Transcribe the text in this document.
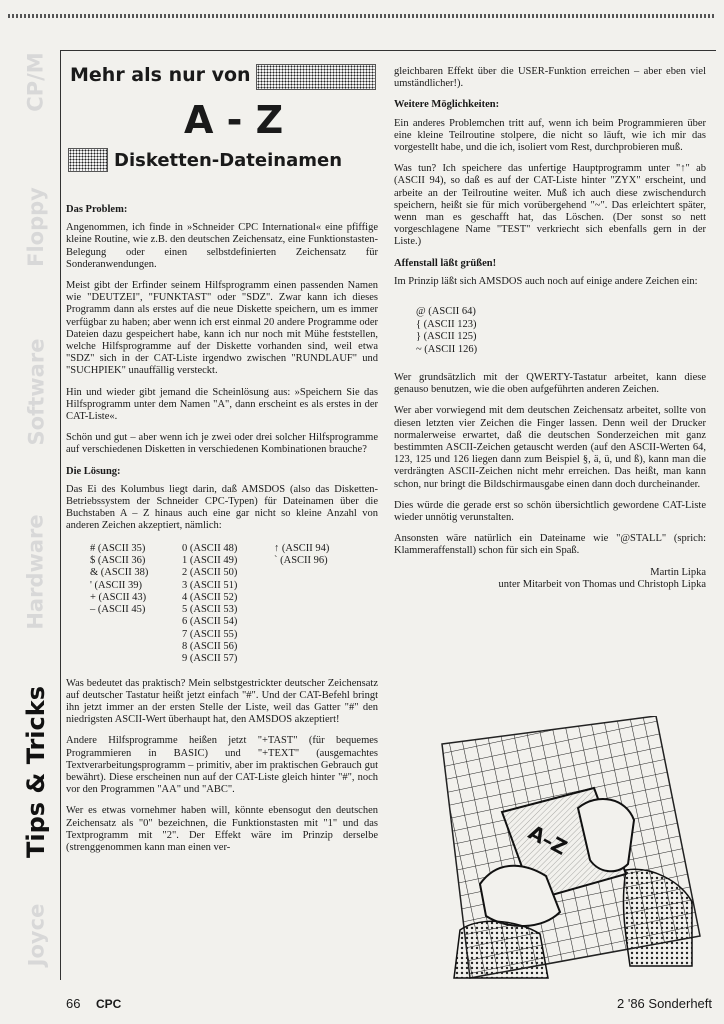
CP/M
Floppy
Software
Hardware
Tips & Tricks
Joyce
Mehr als nur von
A - Z
Disketten-Dateinamen
Das Problem:

Angenommen, ich finde in »Schneider CPC International« eine pfiffige kleine Routine, wie z.B. den deutschen Zeichensatz, eine Funktionstasten-Belegung oder einen selbstdefinierten Zeichensatz für Sonderanwendungen.

Meist gibt der Erfinder seinem Hilfsprogramm einen passenden Namen wie "DEUTZEI", "FUNKTAST" oder "SDZ". Zwar kann ich dieses Programm dann als erstes auf die neue Diskette speichern, um es immer verfügbar zu haben; aber wenn ich erst einmal 20 andere Programme oder Dateien dazu gespeichert habe, kann ich nur noch mit Mühe feststellen, welche Hilfsprogramme auf der Diskette vorhanden sind, weil etwa "SDZ" sich in der CAT-Liste irgendwo zwischen "RUNDLAUF" und "SUCHPIEK" unauffällig versteckt.

Hin und wieder gibt jemand die Scheinlösung aus: »Speichern Sie das Hilfsprogramm unter dem Namen "A", dann erscheint es als erstes in der CAT-Liste«.

Schön und gut – aber wenn ich je zwei oder drei solcher Hilfsprogramme auf verschiedenen Disketten in verschiedenen Kombinationen brauche?

Die Lösung:

Das Ei des Kolumbus liegt darin, daß AMSDOS (also das Disketten-Betriebssystem der Schneider CPC-Typen) für Dateinamen über die Buchstaben A – Z hinaus auch eine gar nicht so kleine Anzahl von anderen Zeichen akzeptiert, nämlich:

# (ASCII 35)
$ (ASCII 36)
& (ASCII 38)
' (ASCII 39)
+ (ASCII 43)
– (ASCII 45)
0 (ASCII 48)
1 (ASCII 49)
2 (ASCII 50)
3 (ASCII 51)
4 (ASCII 52)
5 (ASCII 53)
6 (ASCII 54)
7 (ASCII 55)
8 (ASCII 56)
9 (ASCII 57)
↑ (ASCII 94)
` (ASCII 96)

Was bedeutet das praktisch? Mein selbstgestrickter deutscher Zeichensatz auf deutscher Tastatur heißt jetzt einfach "#". Und der CAT-Befehl bringt ihn jetzt immer an der ersten Stelle der Liste, weil das Gatter "#" den niedrigsten ASCII-Wert überhaupt hat, den AMSDOS akzeptiert!

Andere Hilfsprogramme heißen jetzt "+TAST" (für bequemes Programmieren in BASIC) und "+TEXT" (ausgemachtes Textverarbeitungsprogramm – primitiv, aber im praktischen Gebrauch gut bewährt). Diese erscheinen nun auf der CAT-Liste gleich hinter "#", noch vor den Programmen "AA" und "ABC".

Wer es etwas vornehmer haben will, könnte ebensogut den deutschen Zeichensatz als "0" bezeichnen, die Funktionstasten mit "1" und das Textprogramm mit "2". Der Effekt wäre im Prinzip derselbe (strenggenommen kann man einen ver-

gleichbaren Effekt über die USER-Funktion erreichen – aber eben viel umständlicher!).

Weitere Möglichkeiten:

Ein anderes Problemchen tritt auf, wenn ich beim Programmieren über eine kleine Teilroutine stolpere, die nicht so läuft, wie ich mir das vorgestellt habe, und die ich, isoliert vom Rest, durchprobieren muß.

Was tun? Ich speichere das unfertige Hauptprogramm unter "↑" ab (ASCII 94), so daß es auf der CAT-Liste hinter "ZYX" erscheint, und arbeite an der Teilroutine weiter. Muß ich auch diese zwischendurch speichern, heißt sie für mich vorübergehend "~". Das erleichtert später, wenn man es geschafft hat, das Löschen. (Der sonst so nett vorgeschlagene Name "TEST" verkriecht sich ebenfalls gern in der Liste.)

Affenstall läßt grüßen!

Im Prinzip läßt sich AMSDOS auch noch auf einige andere Zeichen ein:

@ (ASCII 64)
{ (ASCII 123)
} (ASCII 125)
~ (ASCII 126)

Wer grundsätzlich mit der QWERTY-Tastatur arbeitet, kann diese genauso benutzen, wie die oben aufgeführten anderen Zeichen.

Wer aber vorwiegend mit dem deutschen Zeichensatz arbeitet, sollte von diesen letzten vier Zeichen die Finger lassen. Denn weil der Drucker normalerweise erwartet, daß die deutschen Sonderzeichen mit ganz bestimmten ASCII-Zeichen getauscht werden (auf den ASCII-Werten 64, 123, 125 und 126 liegen dann zum Beispiel §, ä, ü, und ß), kann man die verdrängten ASCII-Zeichen nicht mehr erreichen. Das heißt, man kann schon, nur bringt die Bildschirmausgabe einen dann doch durcheinander.

Dies würde die gerade erst so schön übersichtlich gewordene CAT-Liste wieder unnötig verunstalten.

Ansonsten wäre natürlich ein Dateiname wie "@STALL" (sprich: Klammeraffenstall) schon für sich ein Spaß.

Martin Lipka
unter Mitarbeit von Thomas und Christoph Lipka
A–Z
66 CPC	2 '86 Sonderheft
